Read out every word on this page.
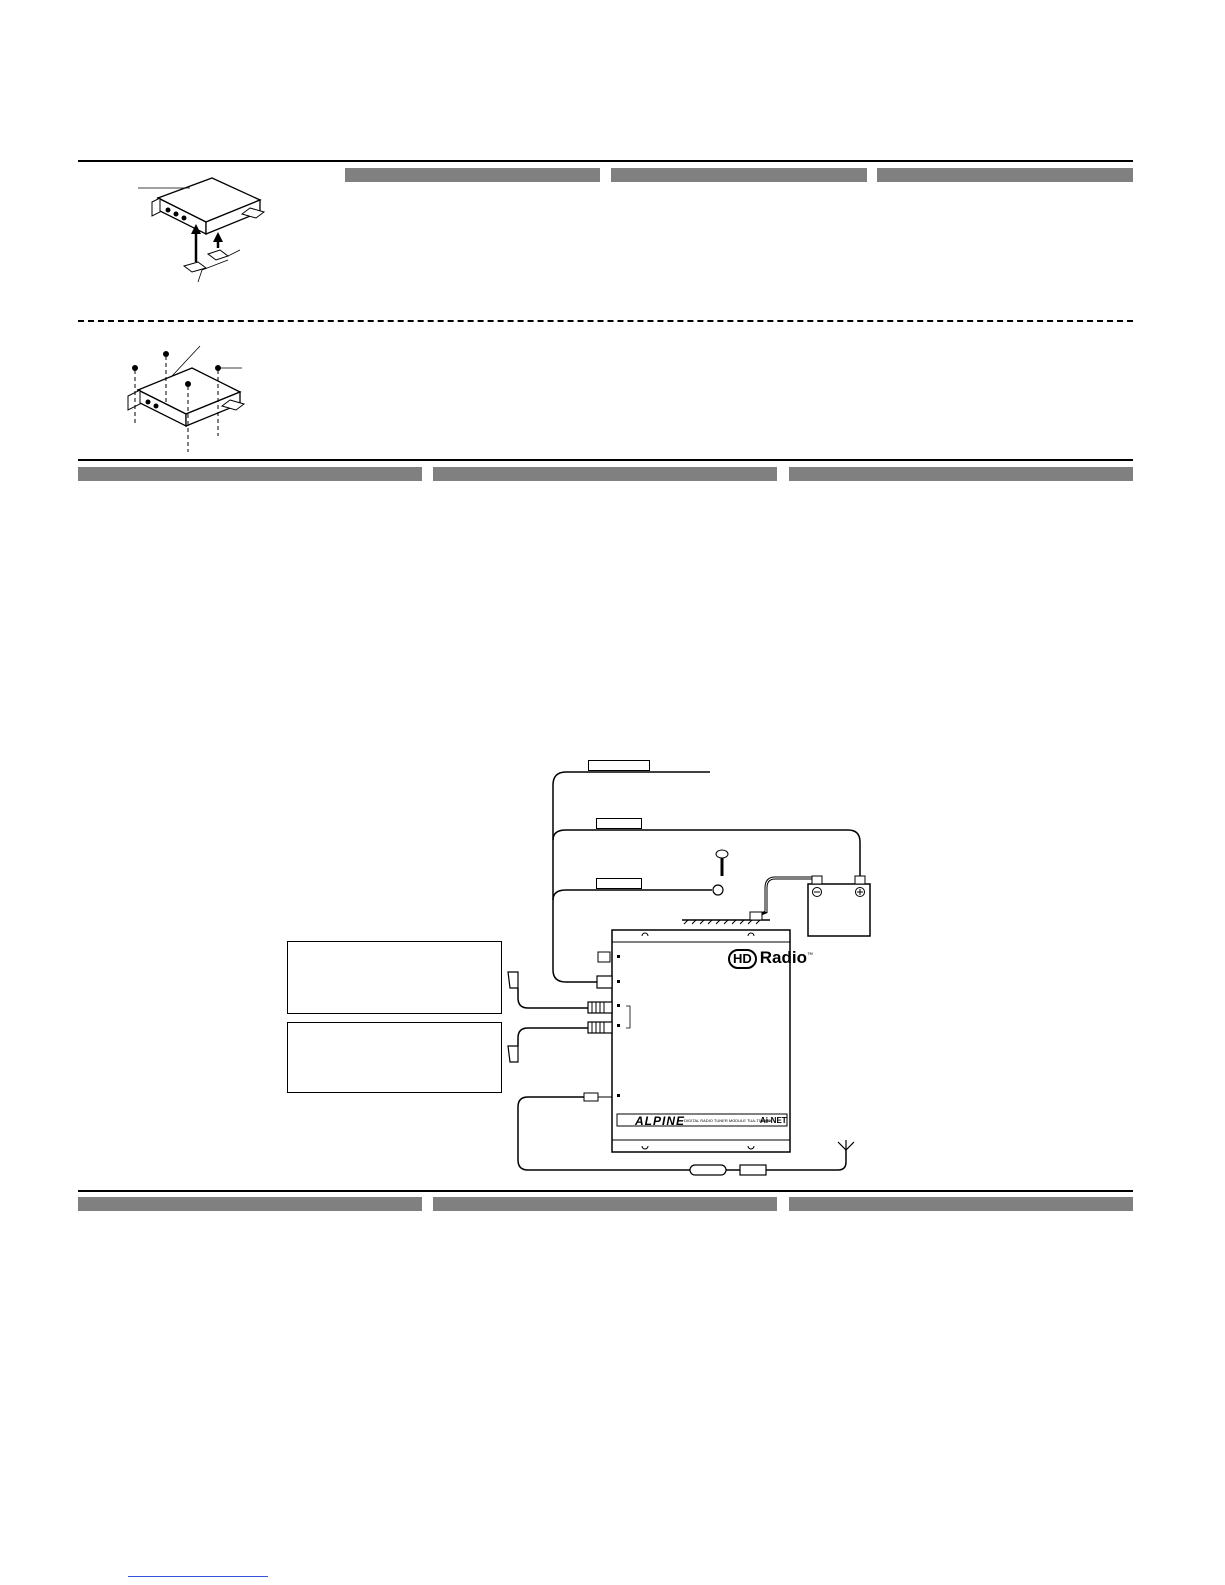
HD Radio™
ALPINE
DIGITAL RADIO TUNER MODULE TUA-T500HD
Ai-NET
